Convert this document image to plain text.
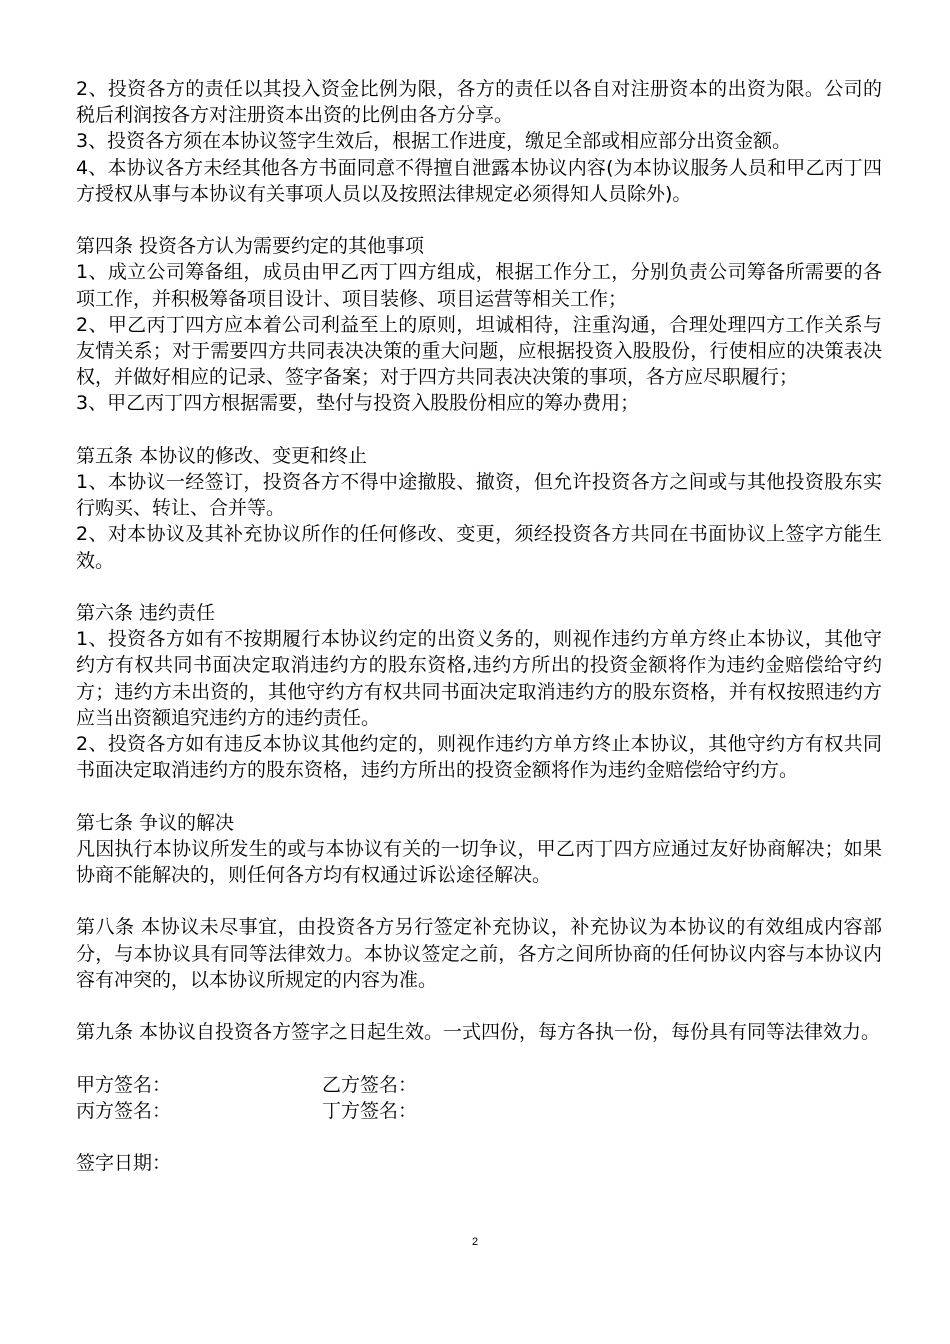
2、投资各方的责任以其投入资金比例为限，各方的责任以各自对注册资本的出资为限。公司的税后利润按各方对注册资本出资的比例由各方分享。

3、投资各方须在本协议签字生效后，根据工作进度，缴足全部或相应部分出资金额。

4、本协议各方未经其他各方书面同意不得擅自泄露本协议内容(为本协议服务人员和甲乙丙丁四方授权从事与本协议有关事项人员以及按照法律规定必须得知人员除外)。

第四条 投资各方认为需要约定的其他事项

1、成立公司筹备组，成员由甲乙丙丁四方组成，根据工作分工，分别负责公司筹备所需要的各项工作，并积极筹备项目设计、项目装修、项目运营等相关工作；

2、甲乙丙丁四方应本着公司利益至上的原则，坦诚相待，注重沟通，合理处理四方工作关系与友情关系；对于需要四方共同表决决策的重大问题，应根据投资入股股份，行使相应的决策表决权，并做好相应的记录、签字备案；对于四方共同表决决策的事项，各方应尽职履行；

3、甲乙丙丁四方根据需要，垫付与投资入股股份相应的筹办费用；

第五条 本协议的修改、变更和终止

1、本协议一经签订，投资各方不得中途撤股、撤资，但允许投资各方之间或与其他投资股东实行购买、转让、合并等。

2、对本协议及其补充协议所作的任何修改、变更，须经投资各方共同在书面协议上签字方能生效。

第六条 违约责任

1、投资各方如有不按期履行本协议约定的出资义务的，则视作违约方单方终止本协议，其他守约方有权共同书面决定取消违约方的股东资格,违约方所出的投资金额将作为违约金赔偿给守约方；违约方未出资的，其他守约方有权共同书面决定取消违约方的股东资格，并有权按照违约方应当出资额追究违约方的违约责任。

2、投资各方如有违反本协议其他约定的，则视作违约方单方终止本协议，其他守约方有权共同书面决定取消违约方的股东资格，违约方所出的投资金额将作为违约金赔偿给守约方。

第七条 争议的解决

凡因执行本协议所发生的或与本协议有关的一切争议，甲乙丙丁四方应通过友好协商解决；如果协商不能解决的，则任何各方均有权通过诉讼途径解决。

第八条 本协议未尽事宜，由投资各方另行签定补充协议，补充协议为本协议的有效组成内容部分，与本协议具有同等法律效力。本协议签定之前，各方之间所协商的任何协议内容与本协议内容有冲突的，以本协议所规定的内容为准。

第九条 本协议自投资各方签字之日起生效。一式四份，每方各执一份，每份具有同等法律效力。

甲方签名：	乙方签名：
丙方签名：	丁方签名：

签字日期：

2
